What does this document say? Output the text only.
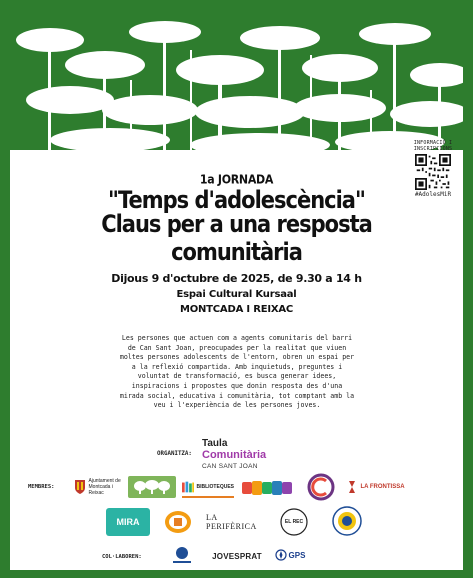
INFORMACIÓ I INSCRIPCIONS
#AdolesMiR
1a JORNADA
"Temps d'adolescència"
Claus per a una resposta comunitària
Dijous 9 d'octubre de 2025, de 9.30 a 14 h
Espai Cultural Kursaal
MONTCADA I REIXAC
Les persones que actuen com a agents comunitaris del barri de Can Sant Joan, preocupades per la realitat que viuen moltes persones adolescents de l'entorn, obren un espai per a la reflexió compartida. Amb inquietuds, preguntes i voluntat de transformació, es busca generar idees, inspiracions i propostes que donin resposta des d'una mirada social, educativa i comunitària, tot comptant amb la veu i l'experiència de les persones joves.
ORGANITZA:
Taula
Comunitària
CAN SANT JOAN
MEMBRES:
Ajuntament de Montcada i Reixac
BIBLIOTEQUES	LA FRONTISSA
MIRA	LA PERIFÈRICA	EL REC
COL·LABOREN:	JOVESPRAT	GPS
